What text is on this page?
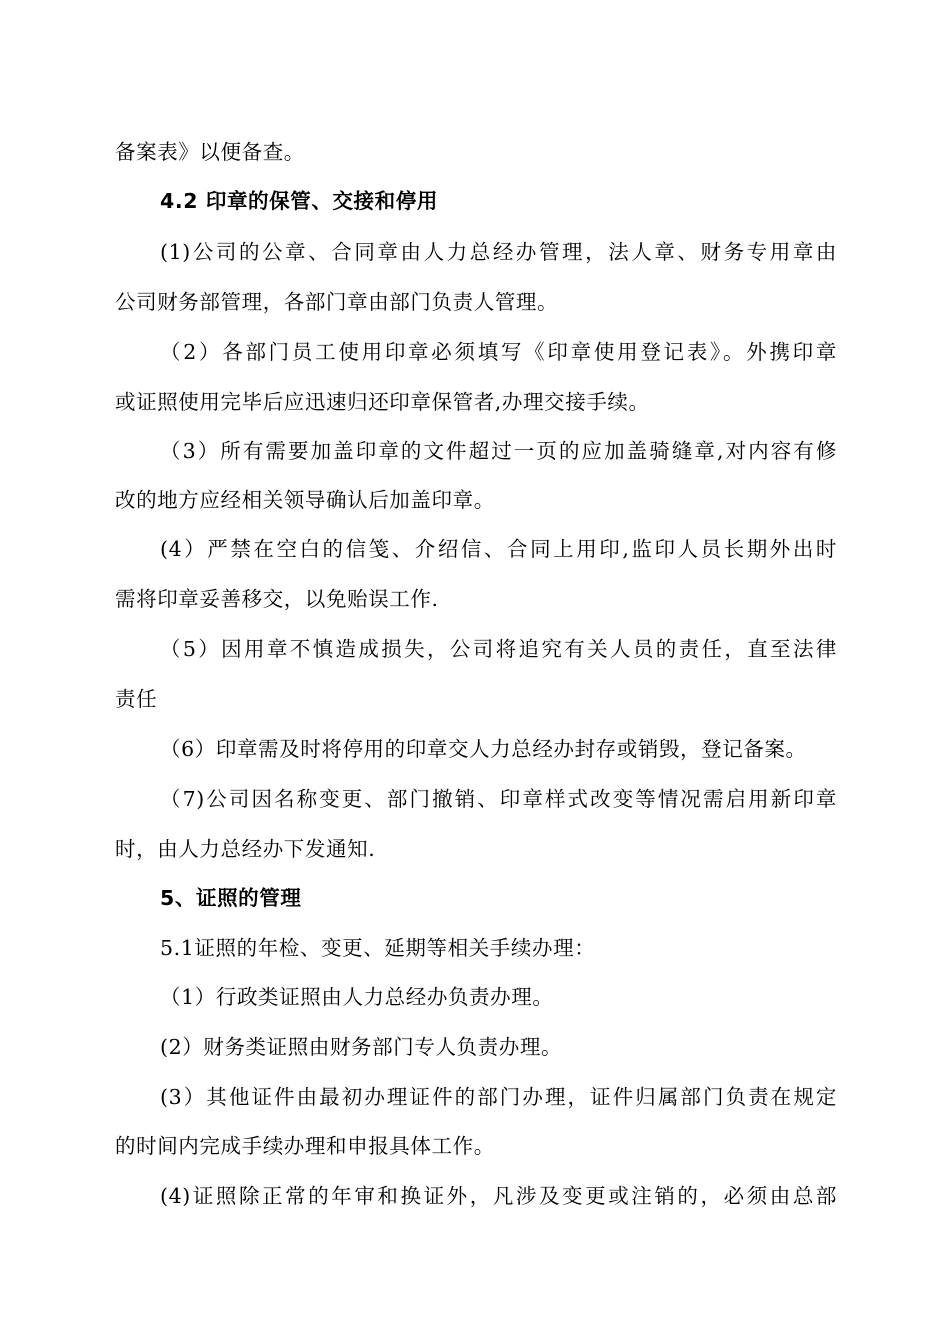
备案表》以便备查。
4.2 印章的保管、交接和停用
(1)公司的公章、合同章由人力总经办管理，法人章、财务专用章由
公司财务部管理，各部门章由部门负责人管理。
（2）各部门员工使用印章必须填写《印章使用登记表》。外携印章
或证照使用完毕后应迅速归还印章保管者,办理交接手续。
（3）所有需要加盖印章的文件超过一页的应加盖骑缝章,对内容有修
改的地方应经相关领导确认后加盖印章。
(4）严禁在空白的信笺、介绍信、合同上用印,监印人员长期外出时
需将印章妥善移交，以免贻误工作.
（5）因用章不慎造成损失，公司将追究有关人员的责任，直至法律
责任
（6）印章需及时将停用的印章交人力总经办封存或销毁，登记备案。
（7)公司因名称变更、部门撤销、印章样式改变等情况需启用新印章
时，由人力总经办下发通知.
5、证照的管理
5.1证照的年检、变更、延期等相关手续办理：
（1）行政类证照由人力总经办负责办理。
(2）财务类证照由财务部门专人负责办理。
(3）其他证件由最初办理证件的部门办理，证件归属部门负责在规定
的时间内完成手续办理和申报具体工作。
(4)证照除正常的年审和换证外，凡涉及变更或注销的，必须由总部
